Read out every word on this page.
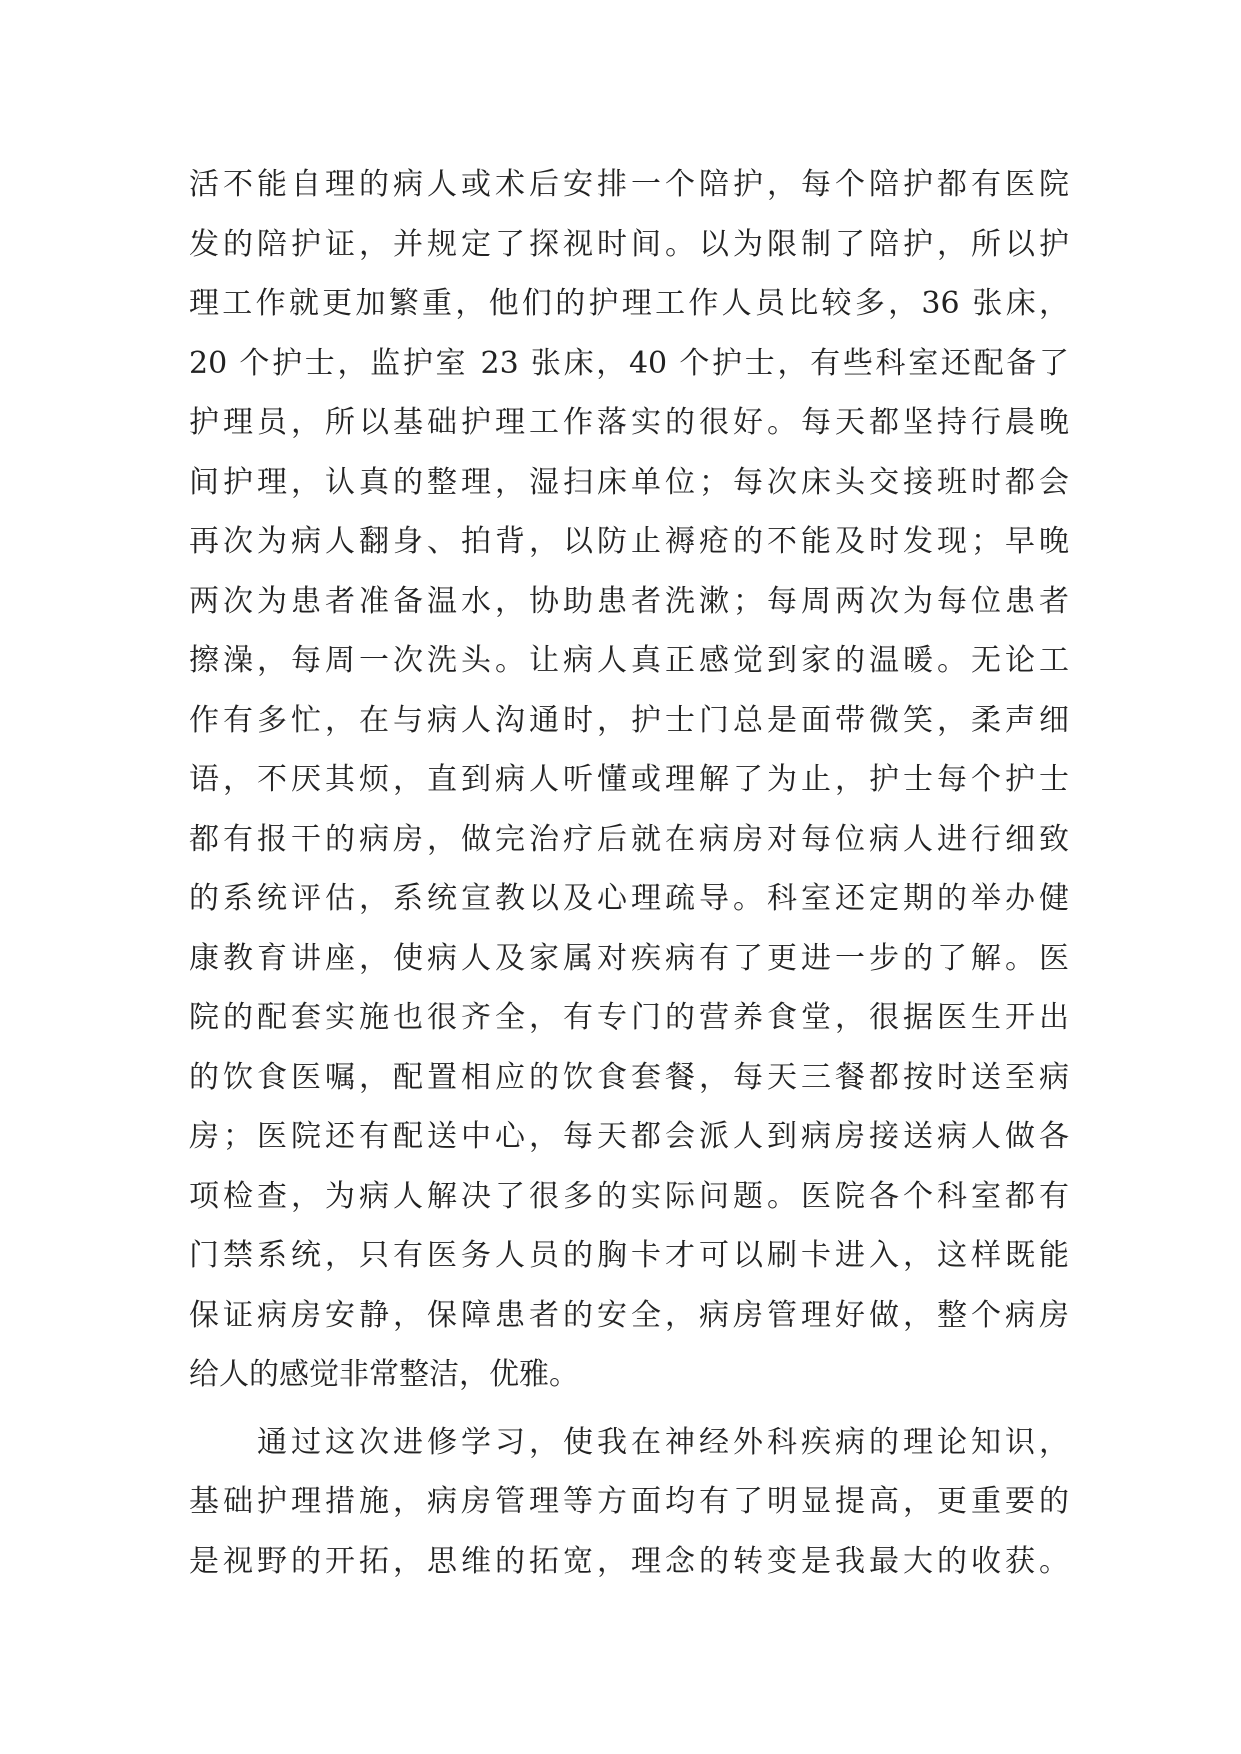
活不能自理的病人或术后安排一个陪护，每个陪护都有医院
发的陪护证，并规定了探视时间。以为限制了陪护，所以护
理工作就更加繁重，他们的护理工作人员比较多，36 张床，
20 个护士，监护室 23 张床，40 个护士，有些科室还配备了
护理员，所以基础护理工作落实的很好。每天都坚持行晨晚
间护理，认真的整理，湿扫床单位；每次床头交接班时都会
再次为病人翻身、拍背，以防止褥疮的不能及时发现；早晚
两次为患者准备温水，协助患者洗漱；每周两次为每位患者
擦澡，每周一次洗头。让病人真正感觉到家的温暖。无论工
作有多忙，在与病人沟通时，护士门总是面带微笑，柔声细
语，不厌其烦，直到病人听懂或理解了为止，护士每个护士
都有报干的病房，做完治疗后就在病房对每位病人进行细致
的系统评估，系统宣教以及心理疏导。科室还定期的举办健
康教育讲座，使病人及家属对疾病有了更进一步的了解。医
院的配套实施也很齐全，有专门的营养食堂，很据医生开出
的饮食医嘱，配置相应的饮食套餐，每天三餐都按时送至病
房；医院还有配送中心，每天都会派人到病房接送病人做各
项检查，为病人解决了很多的实际问题。医院各个科室都有
门禁系统，只有医务人员的胸卡才可以刷卡进入，这样既能
保证病房安静，保障患者的安全，病房管理好做，整个病房
给人的感觉非常整洁，优雅。
通过这次进修学习，使我在神经外科疾病的理论知识，
基础护理措施，病房管理等方面均有了明显提高，更重要的
是视野的开拓，思维的拓宽，理念的转变是我最大的收获。
